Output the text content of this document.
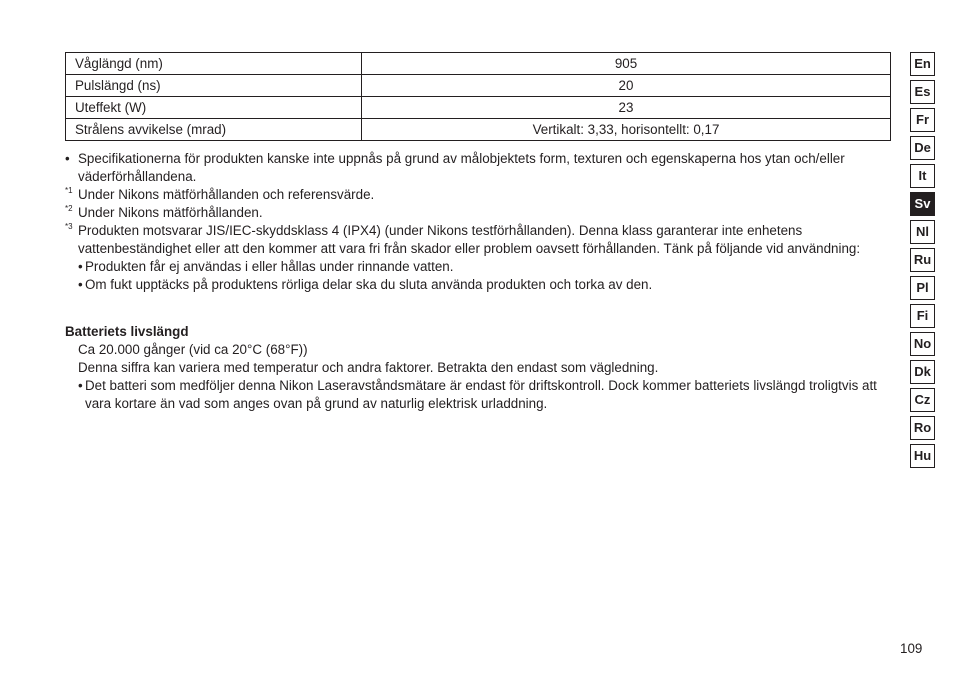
Våglängd (nm)	905
Pulslängd (ns)	20
Uteffekt (W)	23
Strålens avvikelse (mrad)	Vertikalt: 3,33, horisontellt: 0,17
• Specifikationerna för produkten kanske inte uppnås på grund av målobjektets form, texturen och egenskaperna hos ytan och/eller väderförhållandena.
*1 Under Nikons mätförhållanden och referensvärde.
*2 Under Nikons mätförhållanden.
*3 Produkten motsvarar JIS/IEC-skyddsklass 4 (IPX4) (under Nikons testförhållanden). Denna klass garanterar inte enhetens vattenbeständighet eller att den kommer att vara fri från skador eller problem oavsett förhållanden. Tänk på följande vid användning:
• Produkten får ej användas i eller hållas under rinnande vatten.
• Om fukt upptäcks på produktens rörliga delar ska du sluta använda produkten och torka av den.
Batteriets livslängd
Ca 20.000 gånger (vid ca 20°C (68°F))
Denna siffra kan variera med temperatur och andra faktorer. Betrakta den endast som vägledning.
• Det batteri som medföljer denna Nikon Laseravståndsmätare är endast för driftskontroll. Dock kommer batteriets livslängd troligtvis att vara kortare än vad som anges ovan på grund av naturlig elektrisk urladdning.
En
Es
Fr
De
It
Sv
Nl
Ru
Pl
Fi
No
Dk
Cz
Ro
Hu
109
